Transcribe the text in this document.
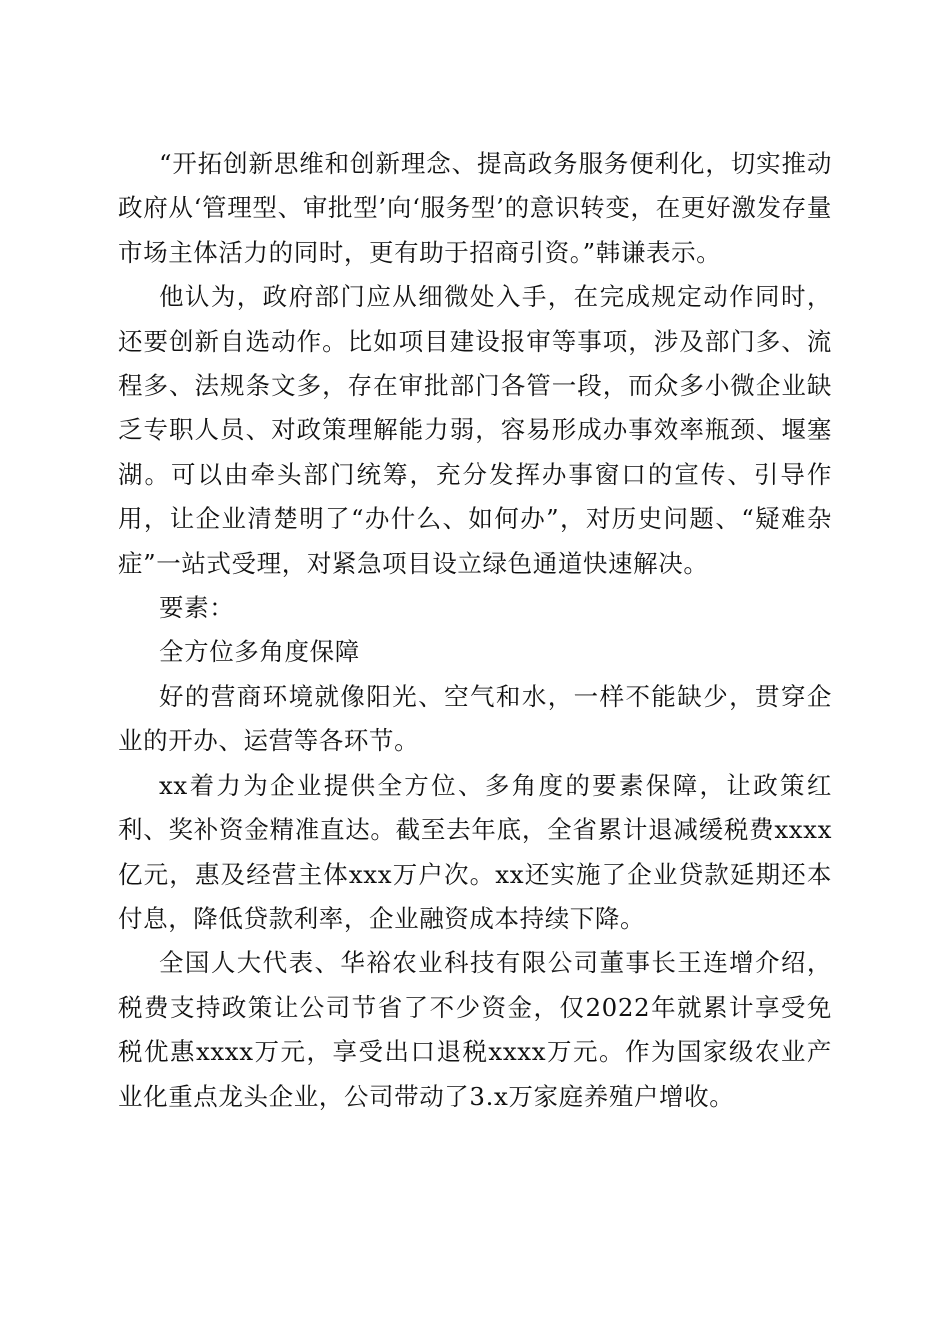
“开拓创新思维和创新理念、提高政务服务便利化，切实推动政府从‘管理型、审批型’向‘服务型’的意识转变，在更好激发存量市场主体活力的同时，更有助于招商引资。”韩谦表示。

他认为，政府部门应从细微处入手，在完成规定动作同时，还要创新自选动作。比如项目建设报审等事项，涉及部门多、流程多、法规条文多，存在审批部门各管一段，而众多小微企业缺乏专职人员、对政策理解能力弱，容易形成办事效率瓶颈、堰塞湖。可以由牵头部门统筹，充分发挥办事窗口的宣传、引导作用，让企业清楚明了“办什么、如何办”，对历史问题、“疑难杂症”一站式受理，对紧急项目设立绿色通道快速解决。

要素：

全方位多角度保障

好的营商环境就像阳光、空气和水，一样不能缺少，贯穿企业的开办、运营等各环节。

xx着力为企业提供全方位、多角度的要素保障，让政策红利、奖补资金精准直达。截至去年底，全省累计退减缓税费xxxx亿元，惠及经营主体xxx万户次。xx还实施了企业贷款延期还本付息，降低贷款利率，企业融资成本持续下降。

全国人大代表、华裕农业科技有限公司董事长王连增介绍，税费支持政策让公司节省了不少资金，仅2022年就累计享受免税优惠xxxx万元，享受出口退税xxxx万元。作为国家级农业产业化重点龙头企业，公司带动了3.x万家庭养殖户增收。
